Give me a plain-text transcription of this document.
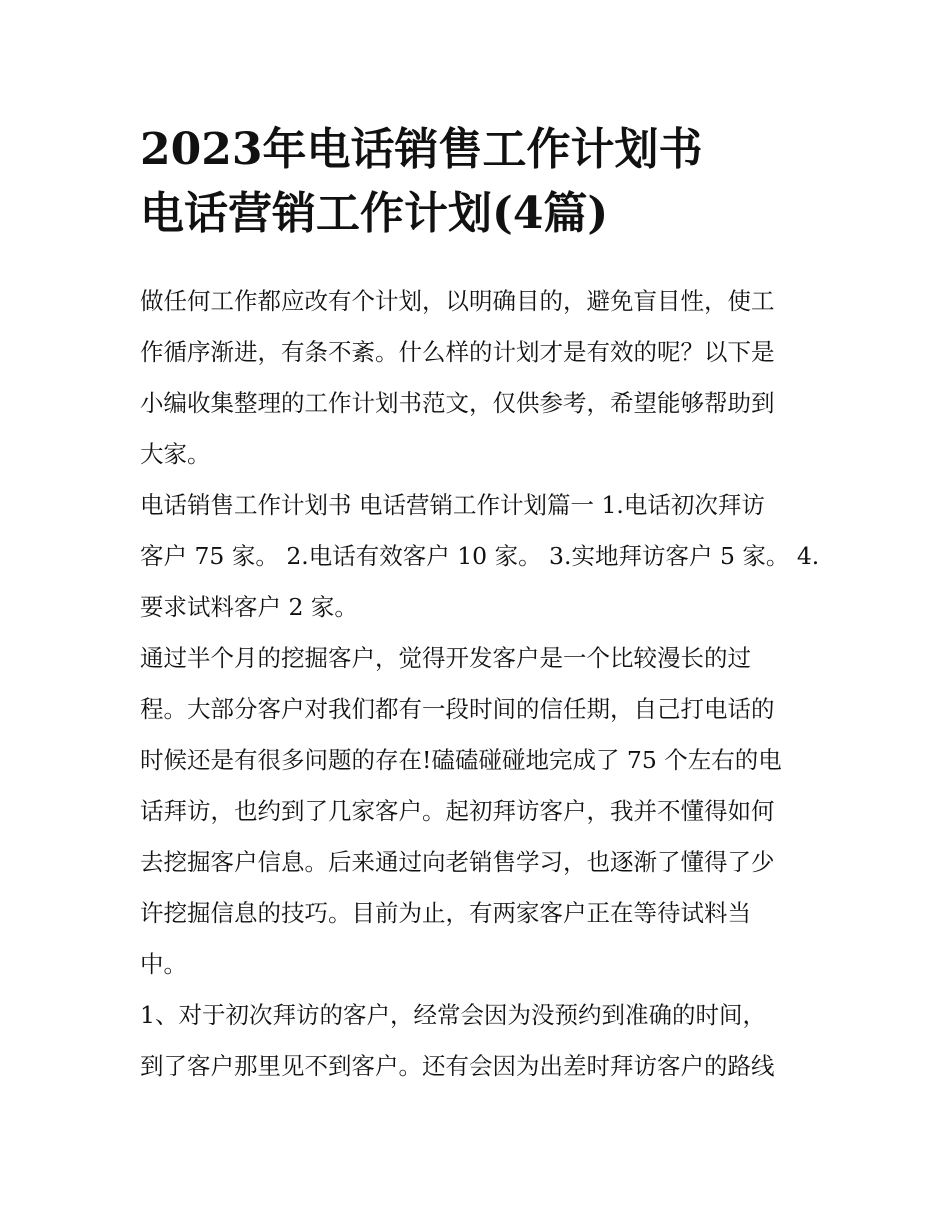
2023年电话销售工作计划书
电话营销工作计划(4篇)

做任何工作都应改有个计划，以明确目的，避免盲目性，使工
作循序渐进，有条不紊。什么样的计划才是有效的呢？以下是
小编收集整理的工作计划书范文，仅供参考，希望能够帮助到
大家。

电话销售工作计划书 电话营销工作计划篇一 1.电话初次拜访
客户 75 家。 2.电话有效客户 10 家。 3.实地拜访客户 5 家。 4.
要求试料客户 2 家。

通过半个月的挖掘客户，觉得开发客户是一个比较漫长的过
程。大部分客户对我们都有一段时间的信任期，自己打电话的
时候还是有很多问题的存在!磕磕碰碰地完成了 75 个左右的电
话拜访，也约到了几家客户。起初拜访客户，我并不懂得如何
去挖掘客户信息。后来通过向老销售学习，也逐渐了懂得了少
许挖掘信息的技巧。目前为止，有两家客户正在等待试料当
中。

1、对于初次拜访的客户，经常会因为没预约到准确的时间，
到了客户那里见不到客户。还有会因为出差时拜访客户的路线
